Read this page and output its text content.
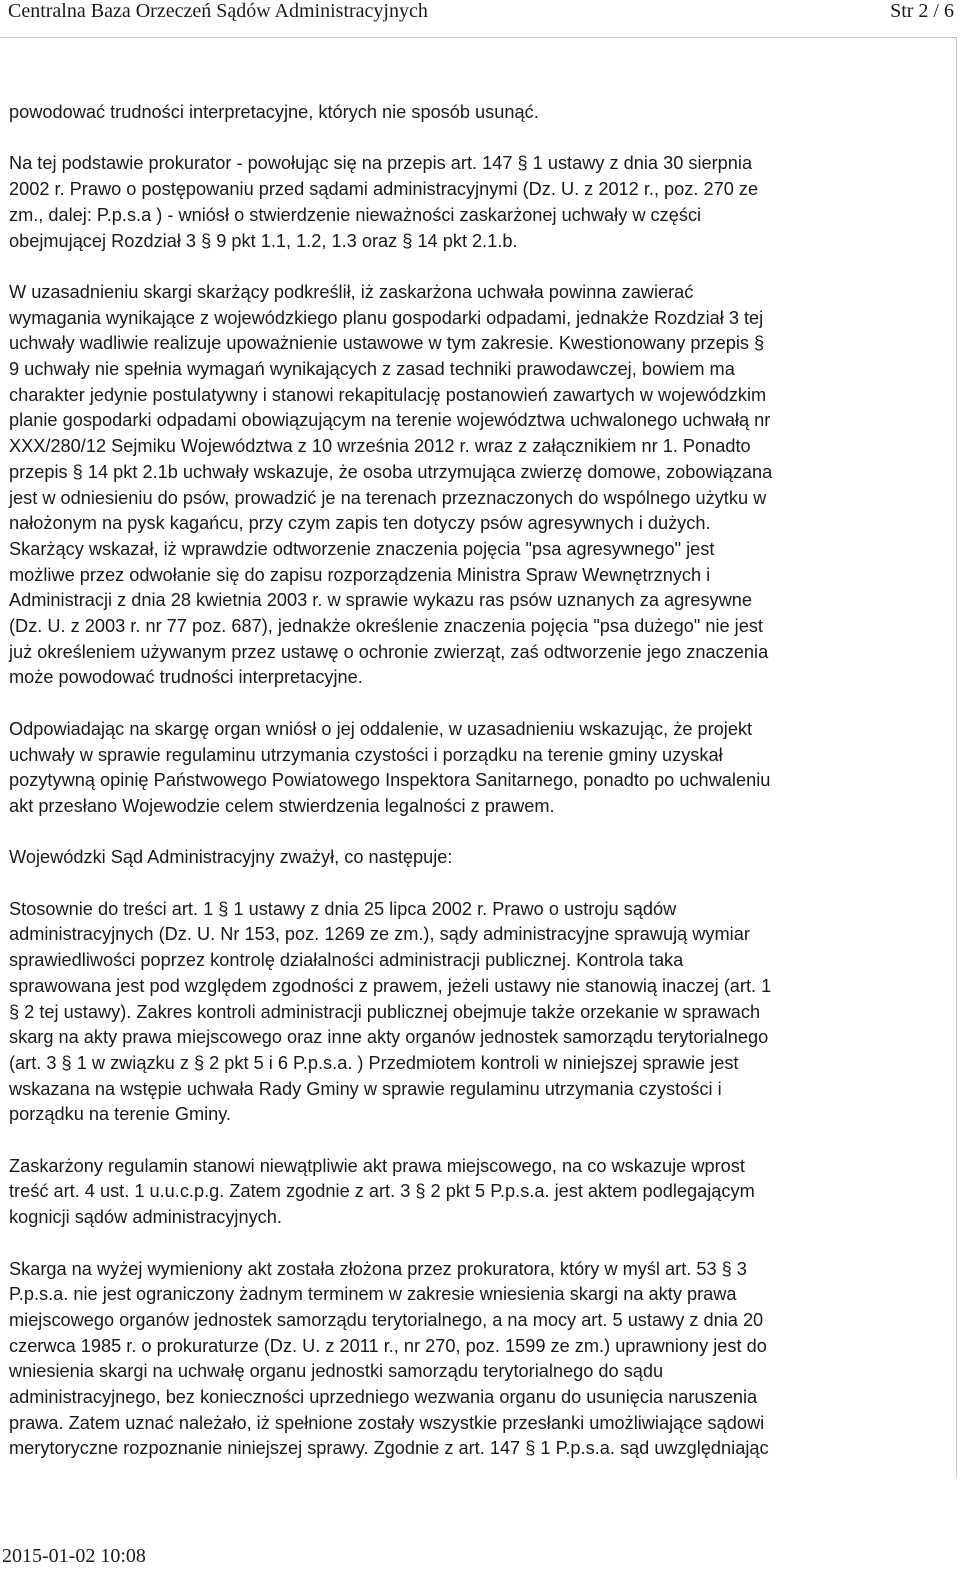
Centralna Baza Orzeczeń Sądów Administracyjnych	Str 2 / 6

powodować trudności interpretacyjne, których nie sposób usunąć.

Na tej podstawie prokurator - powołując się na przepis art. 147 § 1 ustawy z dnia 30 sierpnia
2002 r. Prawo o postępowaniu przed sądami administracyjnymi (Dz. U. z 2012 r., poz. 270 ze
zm., dalej: P.p.s.a ) - wniósł o stwierdzenie nieważności zaskarżonej uchwały w części
obejmującej Rozdział 3 § 9 pkt 1.1, 1.2, 1.3 oraz § 14 pkt 2.1.b.

W uzasadnieniu skargi skarżący podkreślił, iż zaskarżona uchwała powinna zawierać
wymagania wynikające z wojewódzkiego planu gospodarki odpadami, jednakże Rozdział 3 tej
uchwały wadliwie realizuje upoważnienie ustawowe w tym zakresie. Kwestionowany przepis §
9 uchwały nie spełnia wymagań wynikających z zasad techniki prawodawczej, bowiem ma
charakter jedynie postulatywny i stanowi rekapitulację postanowień zawartych w wojewódzkim
planie gospodarki odpadami obowiązującym na terenie województwa uchwalonego uchwałą nr
XXX/280/12 Sejmiku Województwa z 10 września 2012 r. wraz z załącznikiem nr 1. Ponadto
przepis § 14 pkt 2.1b uchwały wskazuje, że osoba utrzymująca zwierzę domowe, zobowiązana
jest w odniesieniu do psów, prowadzić je na terenach przeznaczonych do wspólnego użytku w
nałożonym na pysk kagańcu, przy czym zapis ten dotyczy psów agresywnych i dużych.
Skarżący wskazał, iż wprawdzie odtworzenie znaczenia pojęcia "psa agresywnego" jest
możliwe przez odwołanie się do zapisu rozporządzenia Ministra Spraw Wewnętrznych i
Administracji z dnia 28 kwietnia 2003 r. w sprawie wykazu ras psów uznanych za agresywne
(Dz. U. z 2003 r. nr 77 poz. 687), jednakże określenie znaczenia pojęcia "psa dużego" nie jest
już określeniem używanym przez ustawę o ochronie zwierząt, zaś odtworzenie jego znaczenia
może powodować trudności interpretacyjne.

Odpowiadając na skargę organ wniósł o jej oddalenie, w uzasadnieniu wskazując, że projekt
uchwały w sprawie regulaminu utrzymania czystości i porządku na terenie gminy uzyskał
pozytywną opinię Państwowego Powiatowego Inspektora Sanitarnego, ponadto po uchwaleniu
akt przesłano Wojewodzie celem stwierdzenia legalności z prawem.

Wojewódzki Sąd Administracyjny zważył, co następuje:

Stosownie do treści art. 1 § 1 ustawy z dnia 25 lipca 2002 r. Prawo o ustroju sądów
administracyjnych (Dz. U. Nr 153, poz. 1269 ze zm.), sądy administracyjne sprawują wymiar
sprawiedliwości poprzez kontrolę działalności administracji publicznej. Kontrola taka
sprawowana jest pod względem zgodności z prawem, jeżeli ustawy nie stanowią inaczej (art. 1
§ 2 tej ustawy). Zakres kontroli administracji publicznej obejmuje także orzekanie w sprawach
skarg na akty prawa miejscowego oraz inne akty organów jednostek samorządu terytorialnego
(art. 3 § 1 w związku z § 2 pkt 5 i 6 P.p.s.a. ) Przedmiotem kontroli w niniejszej sprawie jest
wskazana na wstępie uchwała Rady Gminy w sprawie regulaminu utrzymania czystości i
porządku na terenie Gminy.

Zaskarżony regulamin stanowi niewątpliwie akt prawa miejscowego, na co wskazuje wprost
treść art. 4 ust. 1 u.u.c.p.g. Zatem zgodnie z art. 3 § 2 pkt 5 P.p.s.a. jest aktem podlegającym
kognicji sądów administracyjnych.

Skarga na wyżej wymieniony akt została złożona przez prokuratora, który w myśl art. 53 § 3
P.p.s.a. nie jest ograniczony żadnym terminem w zakresie wniesienia skargi na akty prawa
miejscowego organów jednostek samorządu terytorialnego, a na mocy art. 5 ustawy z dnia 20
czerwca 1985 r. o prokuraturze (Dz. U. z 2011 r., nr 270, poz. 1599 ze zm.) uprawniony jest do
wniesienia skargi na uchwałę organu jednostki samorządu terytorialnego do sądu
administracyjnego, bez konieczności uprzedniego wezwania organu do usunięcia naruszenia
prawa. Zatem uznać należało, iż spełnione zostały wszystkie przesłanki umożliwiające sądowi
merytoryczne rozpoznanie niniejszej sprawy. Zgodnie z art. 147 § 1 P.p.s.a. sąd uwzględniając

2015-01-02 10:08
